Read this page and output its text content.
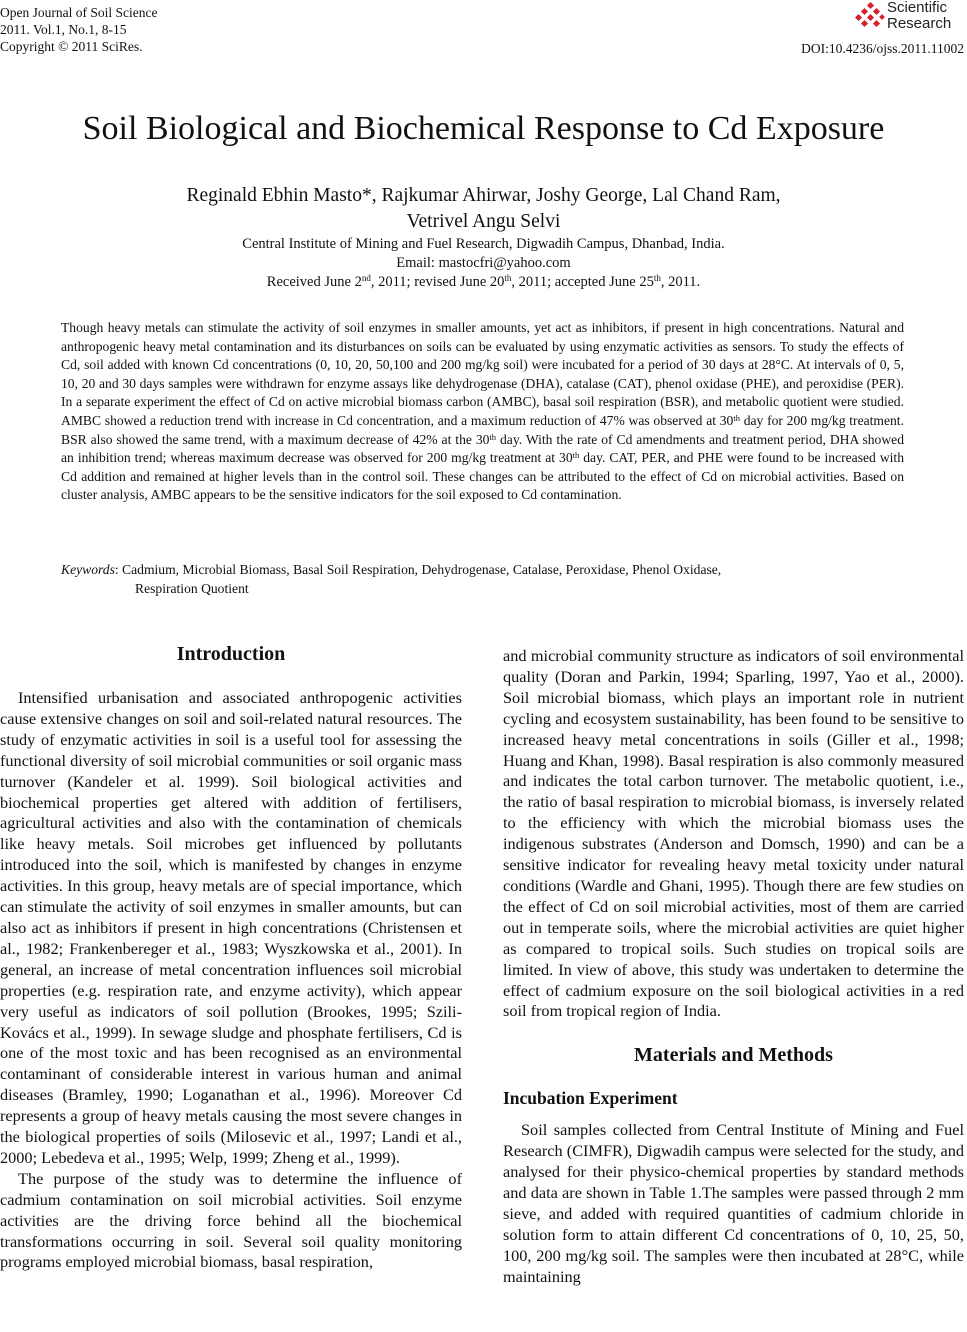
Open Journal of Soil Science
2011. Vol.1, No.1, 8-15
Copyright © 2011 SciRes.
Scientific
Research
DOI:10.4236/ojss.2011.11002
Soil Biological and Biochemical Response to Cd Exposure
Reginald Ebhin Masto*, Rajkumar Ahirwar, Joshy George, Lal Chand Ram,
Vetrivel Angu Selvi
Central Institute of Mining and Fuel Research, Digwadih Campus, Dhanbad, India.
Email: mastocfri@yahoo.com
Received June 2nd, 2011; revised June 20th, 2011; accepted June 25th, 2011.
Though heavy metals can stimulate the activity of soil enzymes in smaller amounts, yet act as inhibitors, if present in high concentrations. Natural and anthropogenic heavy metal contamination and its disturbances on soils can be evaluated by using enzymatic activities as sensors. To study the effects of Cd, soil added with known Cd concentrations (0, 10, 20, 50,100 and 200 mg/kg soil) were incubated for a period of 30 days at 28°C. At intervals of 0, 5, 10, 20 and 30 days samples were withdrawn for enzyme assays like dehydrogenase (DHA), catalase (CAT), phenol oxidase (PHE), and peroxidise (PER). In a separate experiment the effect of Cd on active microbial biomass carbon (AMBC), basal soil respiration (BSR), and metabolic quotient were studied. AMBC showed a reduction trend with increase in Cd concentration, and a maximum reduction of 47% was observed at 30th day for 200 mg/kg treatment. BSR also showed the same trend, with a maximum decrease of 42% at the 30th day. With the rate of Cd amendments and treatment period, DHA showed an inhibition trend; whereas maximum decrease was observed for 200 mg/kg treatment at 30th day. CAT, PER, and PHE were found to be increased with Cd addition and remained at higher levels than in the control soil. These changes can be attributed to the effect of Cd on microbial activities. Based on cluster analysis, AMBC appears to be the sensitive indicators for the soil exposed to Cd contamination.
Keywords: Cadmium, Microbial Biomass, Basal Soil Respiration, Dehydrogenase, Catalase, Peroxidase, Phenol Oxidase,
Respiration Quotient
Introduction

Intensified urbanisation and associated anthropogenic activities cause extensive changes on soil and soil-related natural resources. The study of enzymatic activities in soil is a useful tool for assessing the functional diversity of soil microbial communities or soil organic mass turnover (Kandeler et al. 1999). Soil biological activities and biochemical properties get altered with addition of fertilisers, agricultural activities and also with the contamination of chemicals like heavy metals. Soil microbes get influenced by pollutants introduced into the soil, which is manifested by changes in enzyme activities. In this group, heavy metals are of special importance, which can stimulate the activity of soil enzymes in smaller amounts, but can also act as inhibitors if present in high concentrations (Christensen et al., 1982; Frankenbereger et al., 1983; Wyszkowska et al., 2001). In general, an increase of metal concentration influences soil microbial properties (e.g. respiration rate, and enzyme activity), which appear very useful as indicators of soil pollution (Brookes, 1995; Szili-Kovács et al., 1999). In sewage sludge and phosphate fertilisers, Cd is one of the most toxic and has been recognised as an environmental contaminant of considerable interest in various human and animal diseases (Bramley, 1990; Loganathan et al., 1996). Moreover Cd represents a group of heavy metals causing the most severe changes in the biological properties of soils (Milosevic et al., 1997; Landi et al., 2000; Lebedeva et al., 1995; Welp, 1999; Zheng et al., 1999).

The purpose of the study was to determine the influence of cadmium contamination on soil microbial activities. Soil enzyme activities are the driving force behind all the biochemical transformations occurring in soil. Several soil quality monitoring programs employed microbial biomass, basal respiration,

and microbial community structure as indicators of soil environmental quality (Doran and Parkin, 1994; Sparling, 1997, Yao et al., 2000). Soil microbial biomass, which plays an important role in nutrient cycling and ecosystem sustainability, has been found to be sensitive to increased heavy metal concentrations in soils (Giller et al., 1998; Huang and Khan, 1998). Basal respiration is also commonly measured and indicates the total carbon turnover. The metabolic quotient, i.e., the ratio of basal respiration to microbial biomass, is inversely related to the efficiency with which the microbial biomass uses the indigenous substrates (Anderson and Domsch, 1990) and can be a sensitive indicator for revealing heavy metal toxicity under natural conditions (Wardle and Ghani, 1995). Though there are few studies on the effect of Cd on soil microbial activities, most of them are carried out in temperate soils, where the microbial activities are quiet higher as compared to tropical soils. Such studies on tropical soils are limited. In view of above, this study was undertaken to determine the effect of cadmium exposure on the soil biological activities in a red soil from tropical region of India.

Materials and Methods
Incubation Experiment

Soil samples collected from Central Institute of Mining and Fuel Research (CIMFR), Digwadih campus were selected for the study, and analysed for their physico-chemical properties by standard methods and data are shown in Table 1.The samples were passed through 2 mm sieve, and added with required quantities of cadmium chloride in solution form to attain different Cd concentrations of 0, 10, 25, 50, 100, 200 mg/kg soil. The samples were then incubated at 28°C, while maintaining
